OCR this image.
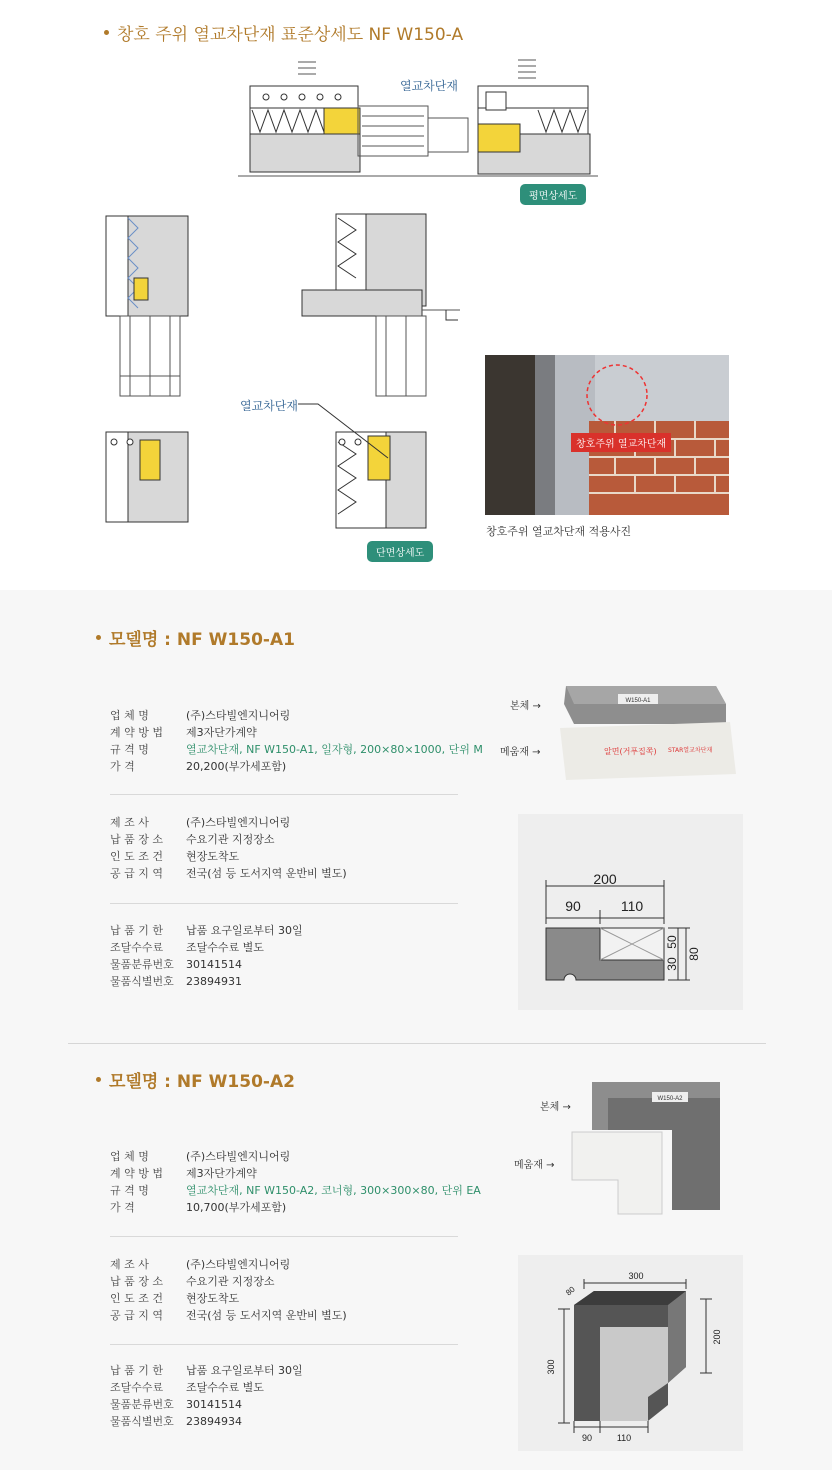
창호 주위 열교차단재 표준상세도 NF W150-A
열교차단재
평면상세도
열교차단재
단면상세도
창호주위 열교차단재
창호주위 열교차단재 적용사진
모델명 : NF W150-A1
업 체 명	(주)스타빌엔지니어링
계 약 방 법	제3자단가계약
규 격 명	열교차단재, NF W150-A1, 일자형, 200×80×1000, 단위 M
가 격	20,200(부가세포함)
제 조 사	(주)스타빌엔지니어링
납 품 장 소	수요기관 지정장소
인 도 조 건	현장도착도
공 급 지 역	전국(섬 등 도서지역 운반비 별도)
납 품 기 한	납품 요구일로부터 30일
조달수수료	조달수수료 별도
물품분류번호	30141514
물품식별번호	23894931
본체 →
메움재 →
W150-A1
알면(거푸집쪽) STAR열교차단재
200
90	110
30
50
80
모델명 : NF W150-A2
업 체 명	(주)스타빌엔지니어링
계 약 방 법	제3자단가계약
규 격 명	열교차단재, NF W150-A2, 코너형, 300×300×80, 단위 EA
가 격	10,700(부가세포함)
제 조 사	(주)스타빌엔지니어링
납 품 장 소	수요기관 지정장소
인 도 조 건	현장도착도
공 급 지 역	전국(섬 등 도서지역 운반비 별도)
납 품 기 한	납품 요구일로부터 30일
조달수수료	조달수수료 별도
물품분류번호	30141514
물품식별번호	23894934
본체 →
메움재 →
W150-A2
300
200
300
80
90	110
